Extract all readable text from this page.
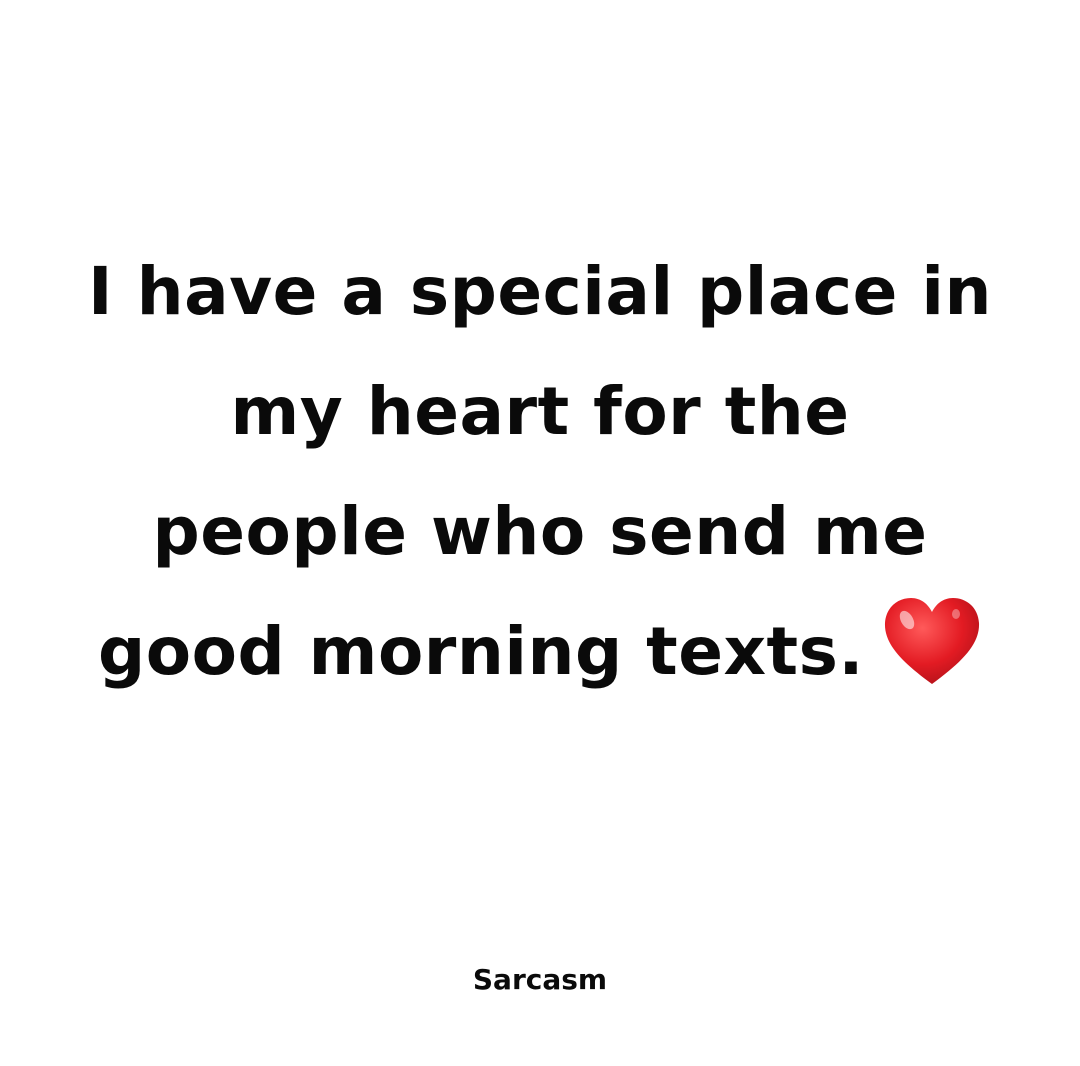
I have a special place in
my heart for the
people who send me
good morning texts.
Sarcasm
